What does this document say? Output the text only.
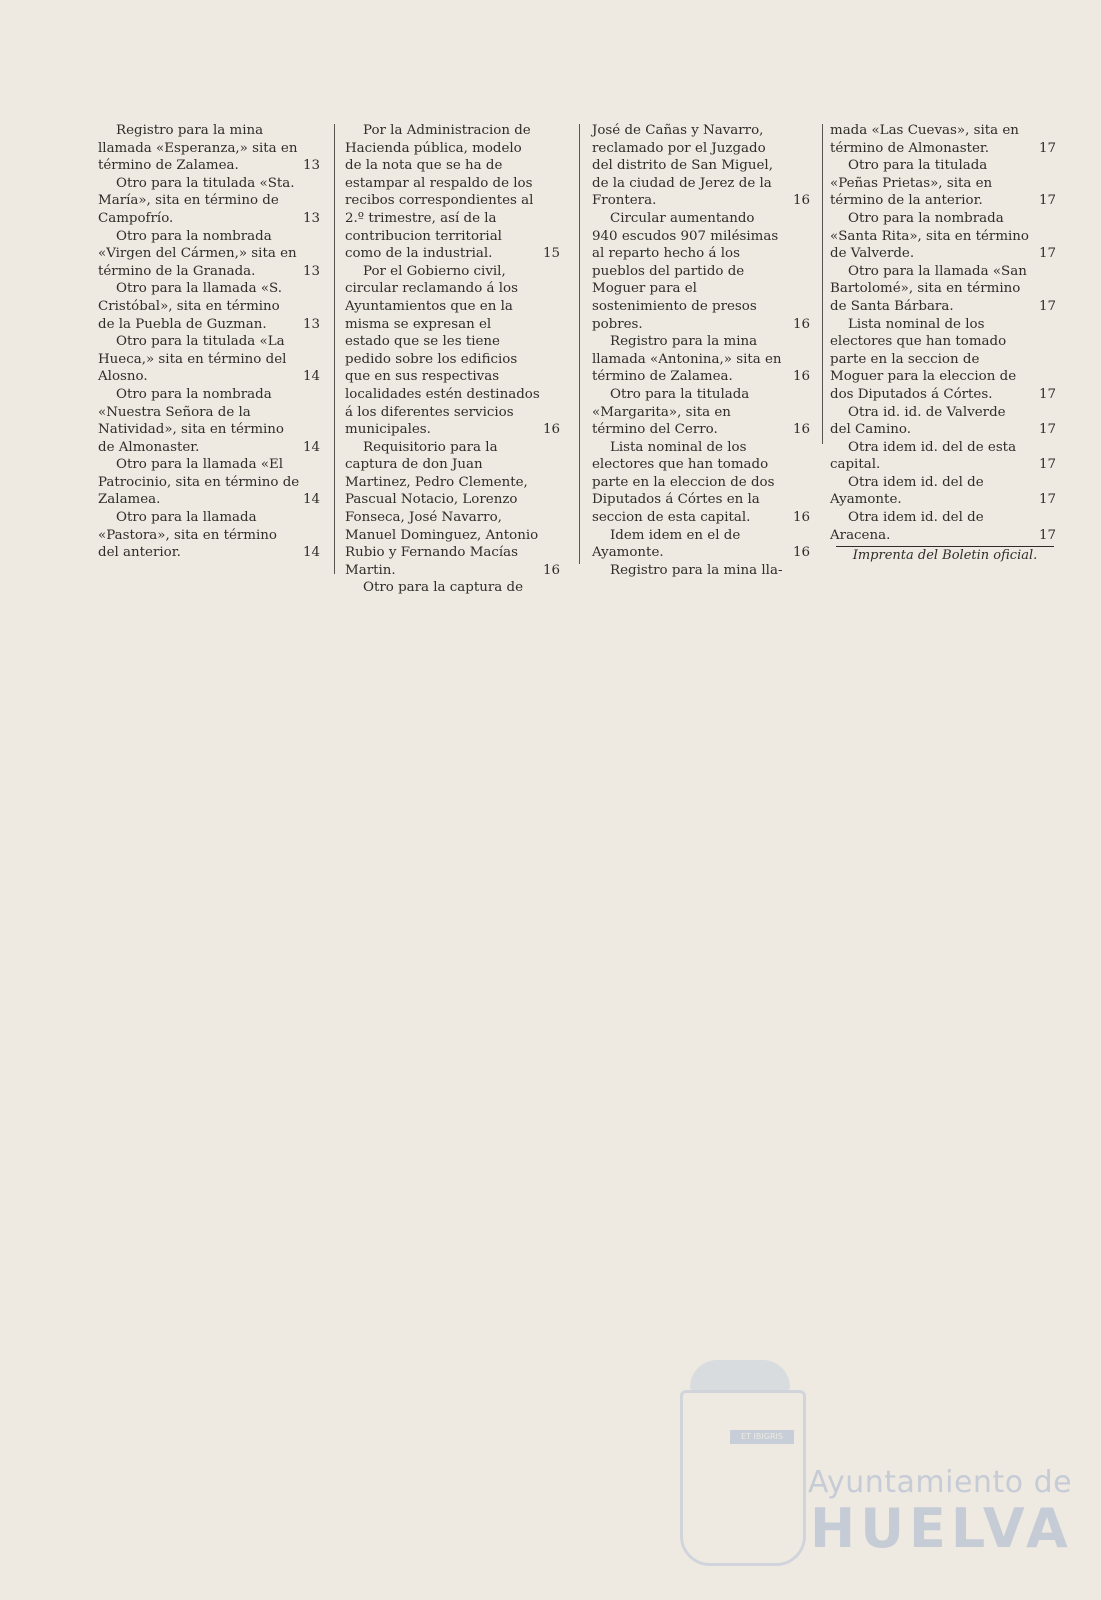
Registro para la mina llamada «Esperanza,» sita en término de Zalamea.	13
Otro para la titulada «Sta. María», sita en término de Campofrío.	13
Otro para la nombrada «Virgen del Cármen,» sita en término de la Granada.	13
Otro para la llamada «S. Cristóbal», sita en término de la Puebla de Guzman.	13
Otro para la titulada «La Hueca,» sita en término del Alosno.	14
Otro para la nombrada «Nuestra Señora de la Natividad», sita en término de Almonaster.	14
Otro para la llamada «El Patrocinio, sita en término de Zalamea.	14
Otro para la llamada «Pastora», sita en término del anterior.	14
Por la Administracion de Hacienda pública, modelo de la nota que se ha de estampar al respaldo de los recibos correspondientes al 2.º trimestre, así de la contribucion territorial como de la industrial.	15
Por el Gobierno civil, circular reclamando á los Ayuntamientos que en la misma se expresan el estado que se les tiene pedido sobre los edificios que en sus respectivas localidades estén destinados á los diferentes servicios municipales.	16
Requisitorio para la captura de don Juan Martinez, Pedro Clemente, Pascual Notacio, Lorenzo Fonseca, José Navarro, Manuel Dominguez, Antonio Rubio y Fernando Macías Martin.	16
Otro para la captura de
José de Cañas y Navarro, reclamado por el Juzgado del distrito de San Miguel, de la ciudad de Jerez de la Frontera.	16
Circular aumentando 940 escudos 907 milésimas al reparto hecho á los pueblos del partido de Moguer para el sostenimiento de presos pobres.	16
Registro para la mina llamada «Antonina,» sita en término de Zalamea.	16
Otro para la titulada «Margarita», sita en término del Cerro.	16
Lista nominal de los electores que han tomado parte en la eleccion de dos Diputados á Córtes en la seccion de esta capital.	16
Idem idem en el de Ayamonte.	16
Registro para la mina lla-
mada «Las Cuevas», sita en término de Almonaster.	17
Otro para la titulada «Peñas Prietas», sita en término de la anterior.	17
Otro para la nombrada «Santa Rita», sita en término de Valverde.	17
Otro para la llamada «San Bartolomé», sita en término de Santa Bárbara.	17
Lista nominal de los electores que han tomado parte en la seccion de Moguer para la eleccion de dos Diputados á Córtes.	17
Otra id. id. de Valverde del Camino.	17
Otra idem id. del de esta capital.	17
Otra idem id. del de Ayamonte.	17
Otra idem id. del de Aracena.	17
Imprenta del Boletin oficial.
ET IBIGRIS
Ayuntamiento de
HUELVA
